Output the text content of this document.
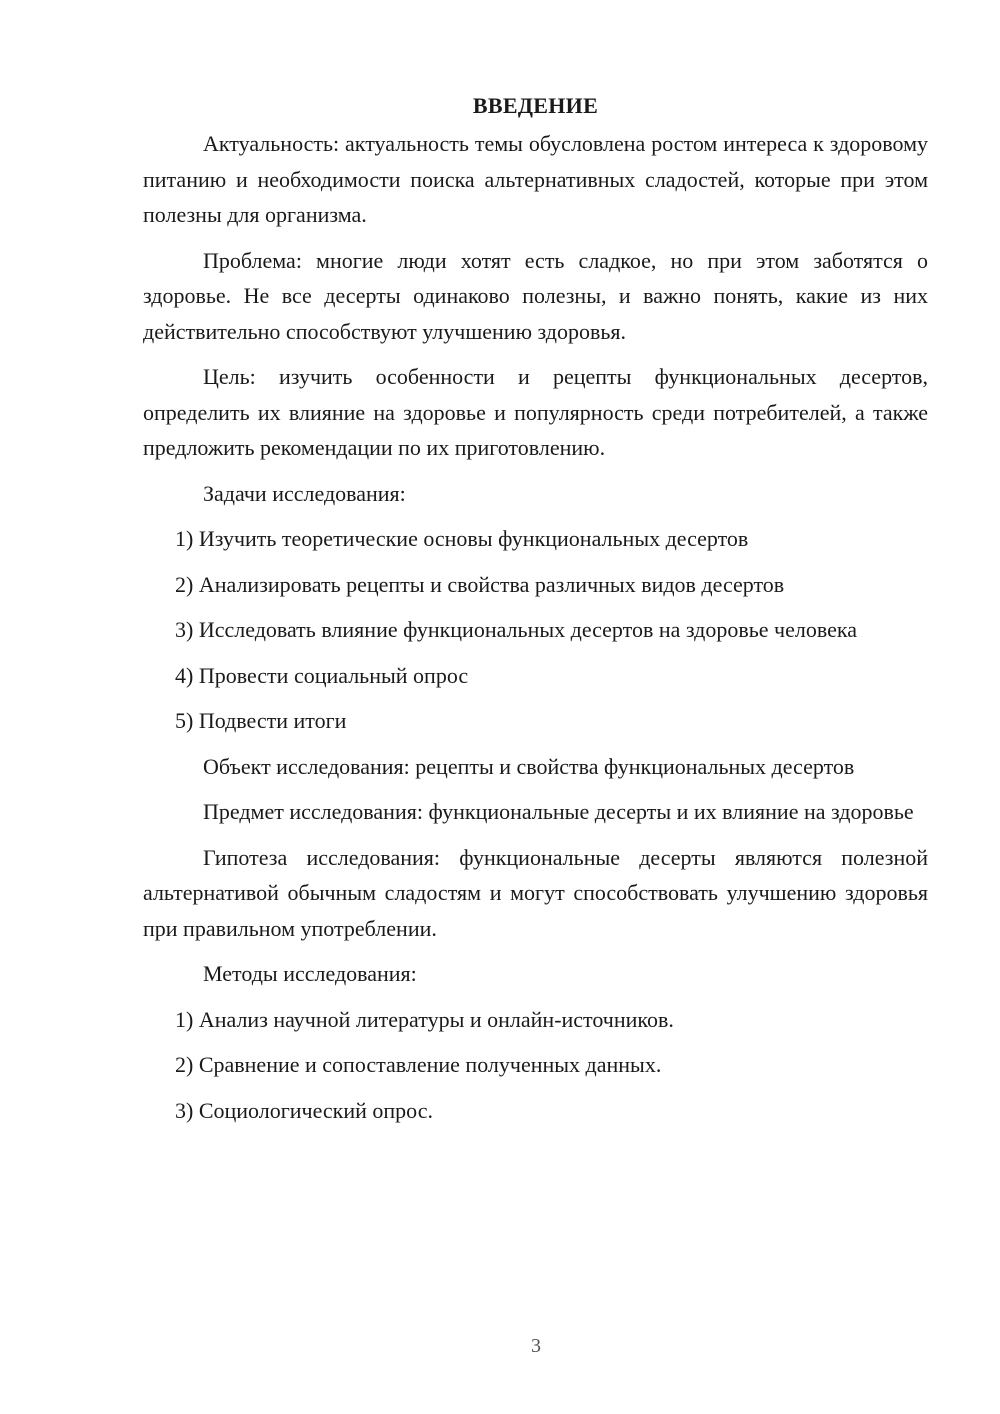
ВВЕДЕНИЕ

Актуальность: актуальность темы обусловлена ростом интереса к здоровому питанию и необходимости поиска альтернативных сладостей, которые при этом полезны для организма.

Проблема: многие люди хотят есть сладкое, но при этом заботятся о здоровье. Не все десерты одинаково полезны, и важно понять, какие из них действительно способствуют улучшению здоровья.

Цель: изучить особенности и рецепты функциональных десертов, определить их влияние на здоровье и популярность среди потребителей, а также предложить рекомендации по их приготовлению.

Задачи исследования:

1) Изучить теоретические основы функциональных десертов

2) Анализировать рецепты и свойства различных видов десертов

3) Исследовать влияние функциональных десертов на здоровье человека

4) Провести социальный опрос

5) Подвести итоги

Объект исследования: рецепты и свойства функциональных десертов

Предмет исследования: функциональные десерты и их влияние на здоровье

Гипотеза исследования: функциональные десерты являются полезной альтернативой обычным сладостям и могут способствовать улучшению здоровья при правильном употреблении.

Методы исследования:

1) Анализ научной литературы и онлайн-источников.

2) Сравнение и сопоставление полученных данных.

3) Социологический опрос.

3
